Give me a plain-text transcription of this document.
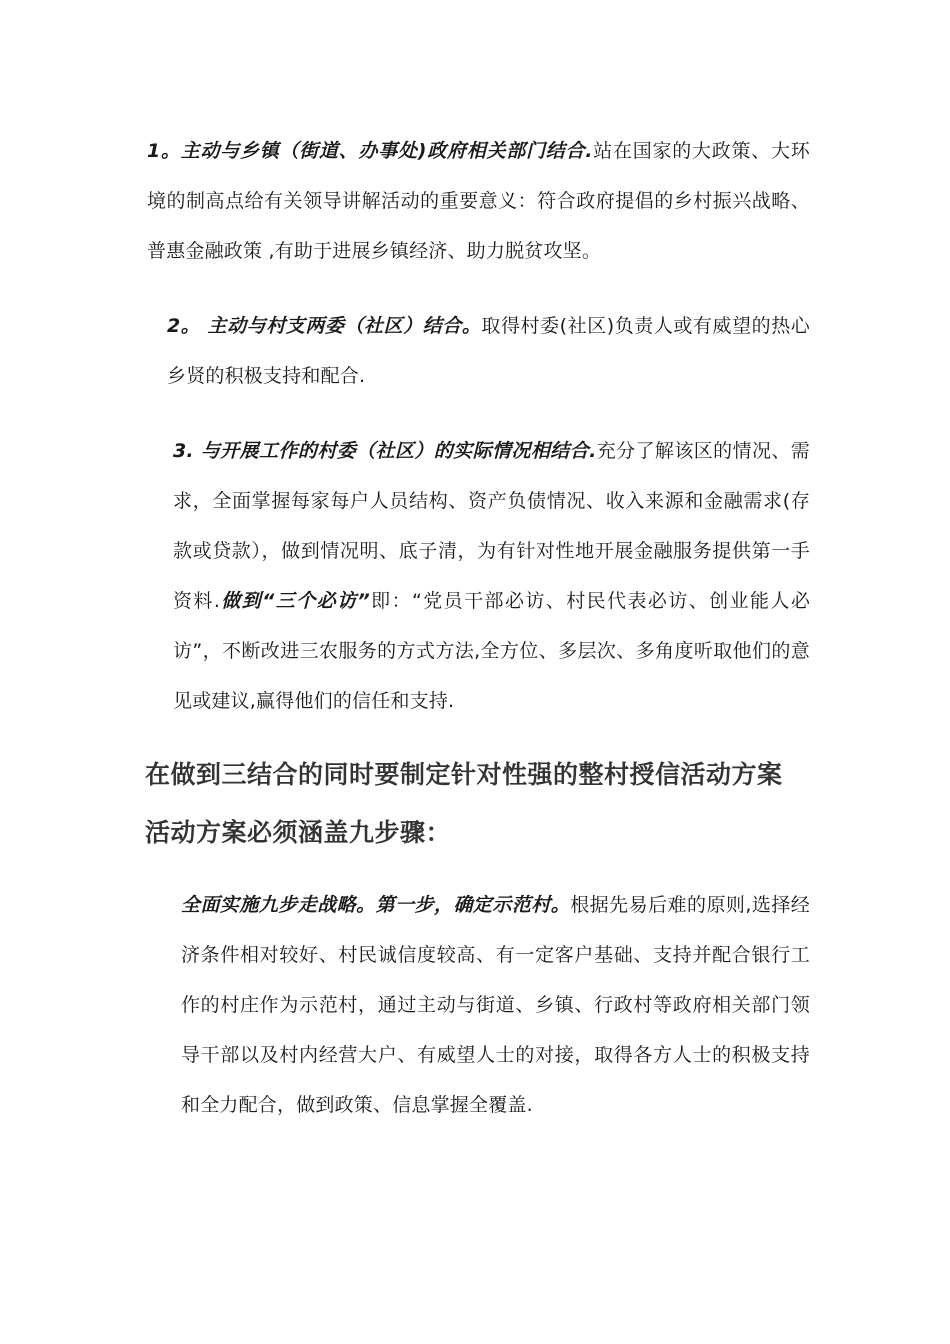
1。主动与乡镇（街道、办事处)政府相关部门结合.站在国家的大政策、大环境的制高点给有关领导讲解活动的重要意义：符合政府提倡的乡村振兴战略、普惠金融政策 ,有助于进展乡镇经济、助力脱贫攻坚。

2。 主动与村支两委（社区）结合。取得村委(社区)负责人或有威望的热心乡贤的积极支持和配合.

3. 与开展工作的村委（社区）的实际情况相结合.充分了解该区的情况、需求，全面掌握每家每户人员结构、资产负债情况、收入来源和金融需求(存款或贷款），做到情况明、底子清，为有针对性地开展金融服务提供第一手资料.做到“三个必访”即：“党员干部必访、村民代表必访、创业能人必访”，不断改进三农服务的方式方法,全方位、多层次、多角度听取他们的意见或建议,赢得他们的信任和支持.

在做到三结合的同时要制定针对性强的整村授信活动方案
活动方案必须涵盖九步骤：

全面实施九步走战略。第一步，确定示范村。根据先易后难的原则,选择经济条件相对较好、村民诚信度较高、有一定客户基础、支持并配合银行工作的村庄作为示范村，通过主动与街道、乡镇、行政村等政府相关部门领导干部以及村内经营大户、有威望人士的对接，取得各方人士的积极支持和全力配合，做到政策、信息掌握全覆盖.
